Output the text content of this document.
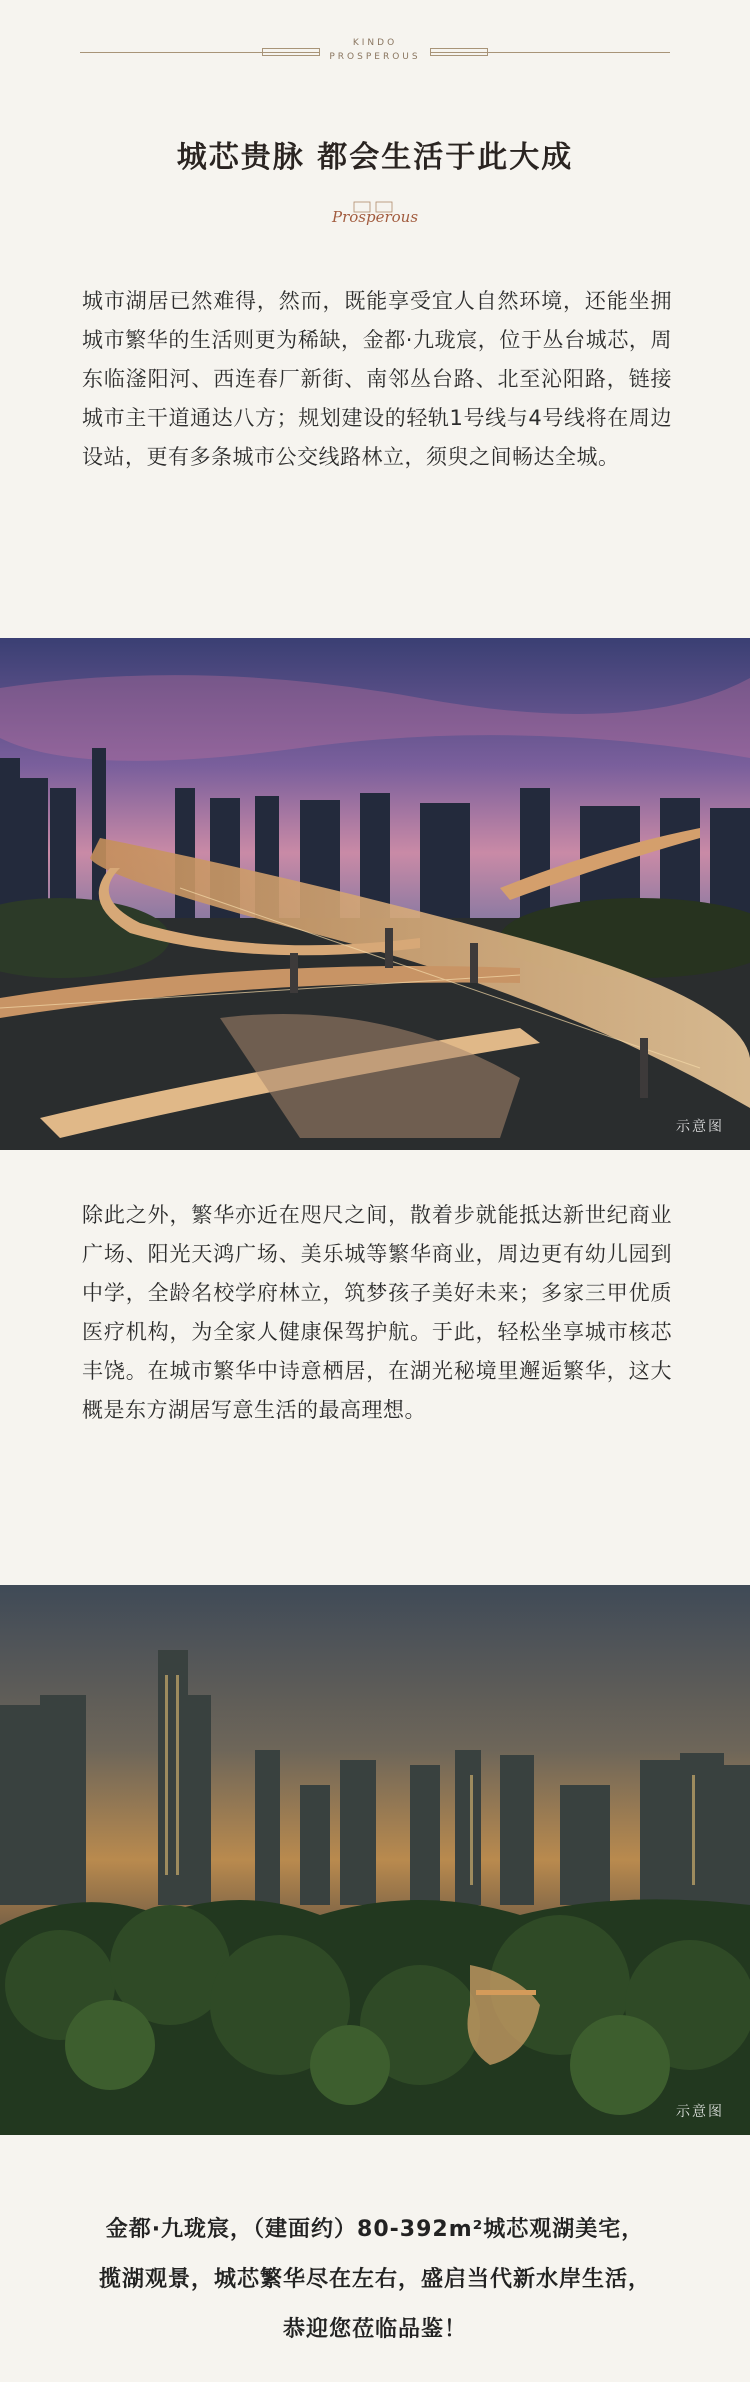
KINDO
PROSPEROUS
城芯贵脉 都会生活于此大成
Prosperous
城市湖居已然难得，然而，既能享受宜人自然环境，还能坐拥城市繁华的生活则更为稀缺，金都·九珑宸，位于丛台城芯，周东临滏阳河、西连春厂新街、南邻丛台路、北至沁阳路，链接城市主干道通达八方；规划建设的轻轨1号线与4号线将在周边设站，更有多条城市公交线路林立，须臾之间畅达全城。
示意图
除此之外，繁华亦近在咫尺之间，散着步就能抵达新世纪商业广场、阳光天鸿广场、美乐城等繁华商业，周边更有幼儿园到中学，全龄名校学府林立，筑梦孩子美好未来；多家三甲优质医疗机构，为全家人健康保驾护航。于此，轻松坐享城市核芯丰饶。在城市繁华中诗意栖居，在湖光秘境里邂逅繁华，这大概是东方湖居写意生活的最高理想。
示意图
金都·九珑宸，（建面约）80-392m²城芯观湖美宅，
揽湖观景，城芯繁华尽在左右，盛启当代新水岸生活，
恭迎您莅临品鉴！
